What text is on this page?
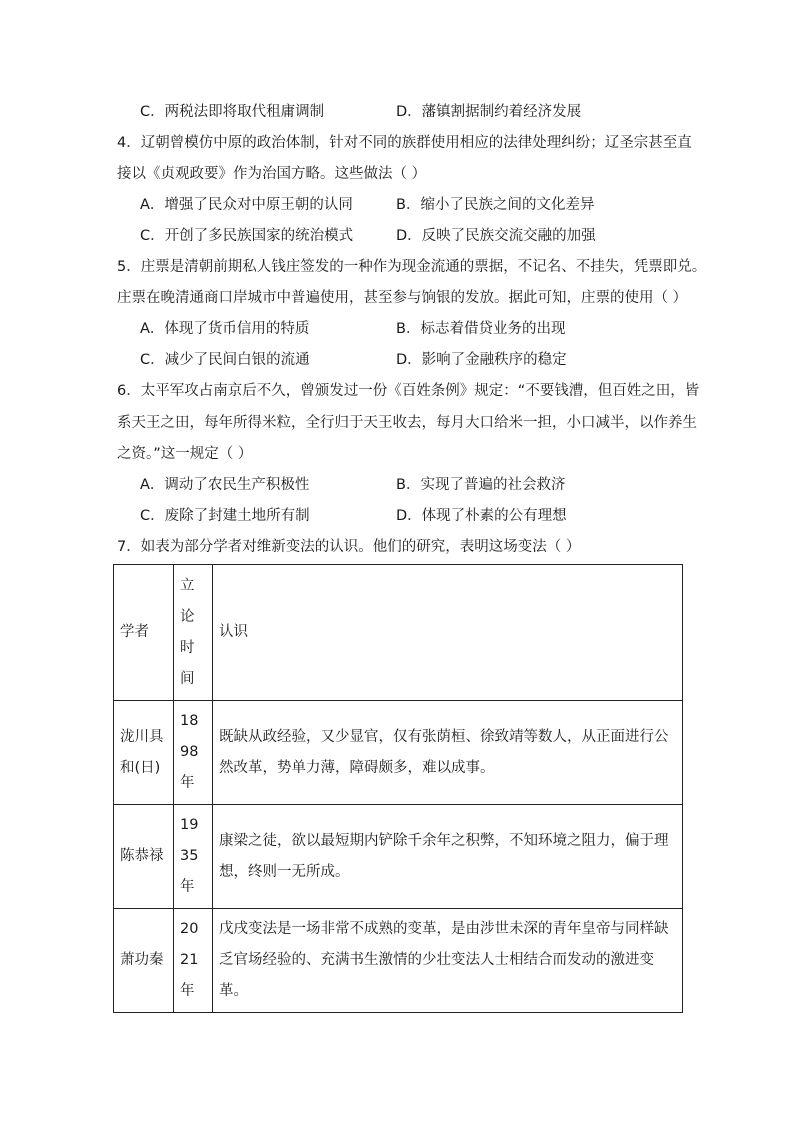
C．两税法即将取代租庸调制	D．藩镇割据制约着经济发展
4．辽朝曾模仿中原的政治体制，针对不同的族群使用相应的法律处理纠纷；辽圣宗甚至直
接以《贞观政要》作为治国方略。这些做法（ ）
A．增强了民众对中原王朝的认同	B．缩小了民族之间的文化差异
C．开创了多民族国家的统治模式	D．反映了民族交流交融的加强
5．庄票是清朝前期私人钱庄签发的一种作为现金流通的票据，不记名、不挂失，凭票即兑。
庄票在晚清通商口岸城市中普遍使用，甚至参与饷银的发放。据此可知，庄票的使用（ ）
A．体现了货币信用的特质	B．标志着借贷业务的出现
C．减少了民间白银的流通	D．影响了金融秩序的稳定
6．太平军攻占南京后不久，曾颁发过一份《百姓条例》规定：“不要钱漕，但百姓之田，皆
系天王之田，每年所得米粒，全行归于天王收去，每月大口给米一担，小口减半，以作养生
之资。”这一规定（ ）
A．调动了农民生产积极性	B．实现了普遍的社会救济
C．废除了封建土地所有制	D．体现了朴素的公有理想
7．如表为部分学者对维新变法的认识。他们的研究，表明这场变法（ ）
学者	立论时间	认识
泷川具和(日)	1898年	既缺从政经验，又少显官，仅有张荫桓、徐致靖等数人，从正面进行公然改革，势单力薄，障碍颇多，难以成事。
陈恭禄	1935年	康梁之徒，欲以最短期内铲除千余年之积弊，不知环境之阻力，偏于理想，终则一无所成。
萧功秦	2021年	戊戌变法是一场非常不成熟的变革，是由涉世未深的青年皇帝与同样缺乏官场经验的、充满书生激情的少壮变法人士相结合而发动的激进变革。
